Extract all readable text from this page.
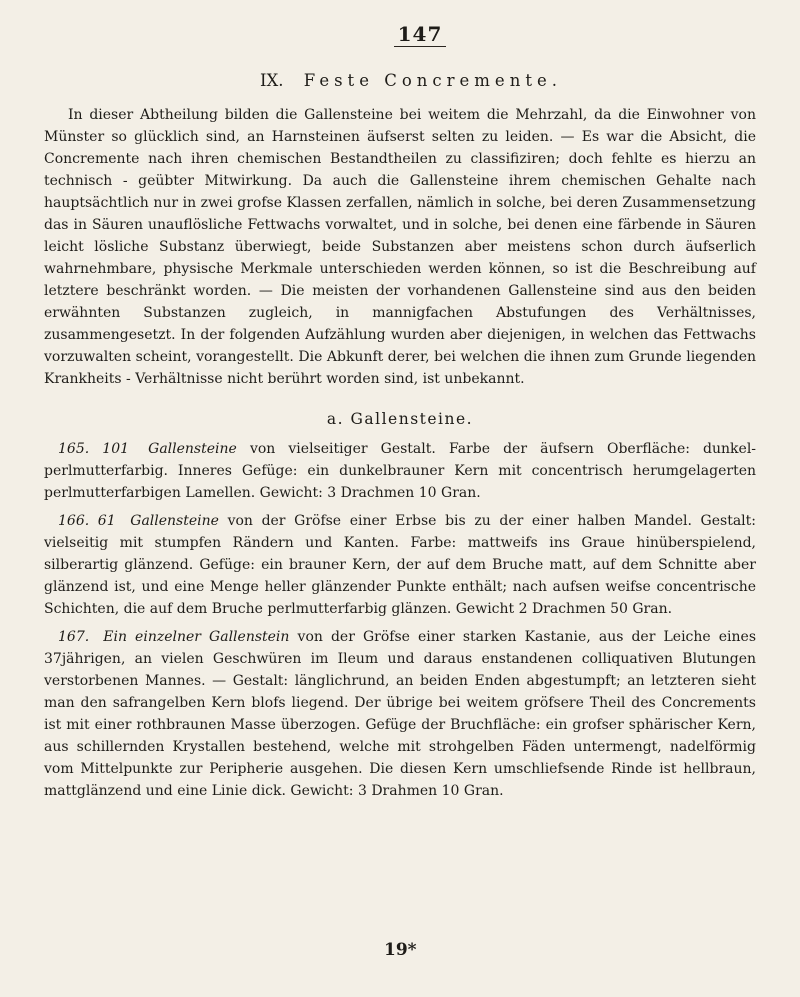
147
IX. Feste Concremente.

In dieser Abtheilung bilden die Gallensteine bei weitem die Mehrzahl, da die Einwohner von Münster so glücklich sind, an Harnsteinen äufserst selten zu leiden. — Es war die Absicht, die Concremente nach ihren chemischen Bestandtheilen zu classifiziren; doch fehlte es hierzu an technisch - geübter Mitwirkung. Da auch die Gallensteine ihrem chemischen Gehalte nach hauptsächtlich nur in zwei grofse Klassen zerfallen, nämlich in solche, bei deren Zusammensetzung das in Säuren unauflösliche Fettwachs vorwaltet, und in solche, bei denen eine färbende in Säuren leicht lösliche Substanz überwiegt, beide Substanzen aber meistens schon durch äufserlich wahrnehmbare, physische Merkmale unterschieden werden können, so ist die Beschreibung auf letztere beschränkt worden. — Die meisten der vorhandenen Gallensteine sind aus den beiden erwähnten Substanzen zugleich, in mannigfachen Abstufungen des Verhältnisses, zusammengesetzt. In der folgenden Aufzählung wurden aber diejenigen, in welchen das Fettwachs vorzuwalten scheint, vorangestellt. Die Abkunft derer, bei welchen die ihnen zum Grunde liegenden Krankheits - Verhältnisse nicht berührt worden sind, ist unbekannt.

a. Gallensteine.

165. 101 Gallensteine von vielseitiger Gestalt. Farbe der äufsern Oberfläche: dunkel- perlmutterfarbig. Inneres Gefüge: ein dunkelbrauner Kern mit concentrisch herumgelagerten perlmutterfarbigen Lamellen. Gewicht: 3 Drachmen 10 Gran.

166. 61 Gallensteine von der Gröfse einer Erbse bis zu der einer halben Mandel. Gestalt: vielseitig mit stumpfen Rändern und Kanten. Farbe: mattweifs ins Graue hinüberspielend, silberartig glänzend. Gefüge: ein brauner Kern, der auf dem Bruche matt, auf dem Schnitte aber glänzend ist, und eine Menge heller glänzender Punkte enthält; nach aufsen weifse concentrische Schichten, die auf dem Bruche perlmutterfarbig glänzen. Gewicht 2 Drachmen 50 Gran.

167. Ein einzelner Gallenstein von der Gröfse einer starken Kastanie, aus der Leiche eines 37jährigen, an vielen Geschwüren im Ileum und daraus enstandenen colliquativen Blutungen verstorbenen Mannes. — Gestalt: länglichrund, an beiden Enden abgestumpft; an letzteren sieht man den safrangelben Kern blofs liegend. Der übrige bei weitem gröfsere Theil des Concrements ist mit einer rothbraunen Masse überzogen. Gefüge der Bruchfläche: ein grofser sphärischer Kern, aus schillernden Krystallen bestehend, welche mit strohgelben Fäden untermengt, nadelförmig vom Mittelpunkte zur Peripherie ausgehen. Die diesen Kern umschliefsende Rinde ist hellbraun, mattglänzend und eine Linie dick. Gewicht: 3 Drahmen 10 Gran.

19*
